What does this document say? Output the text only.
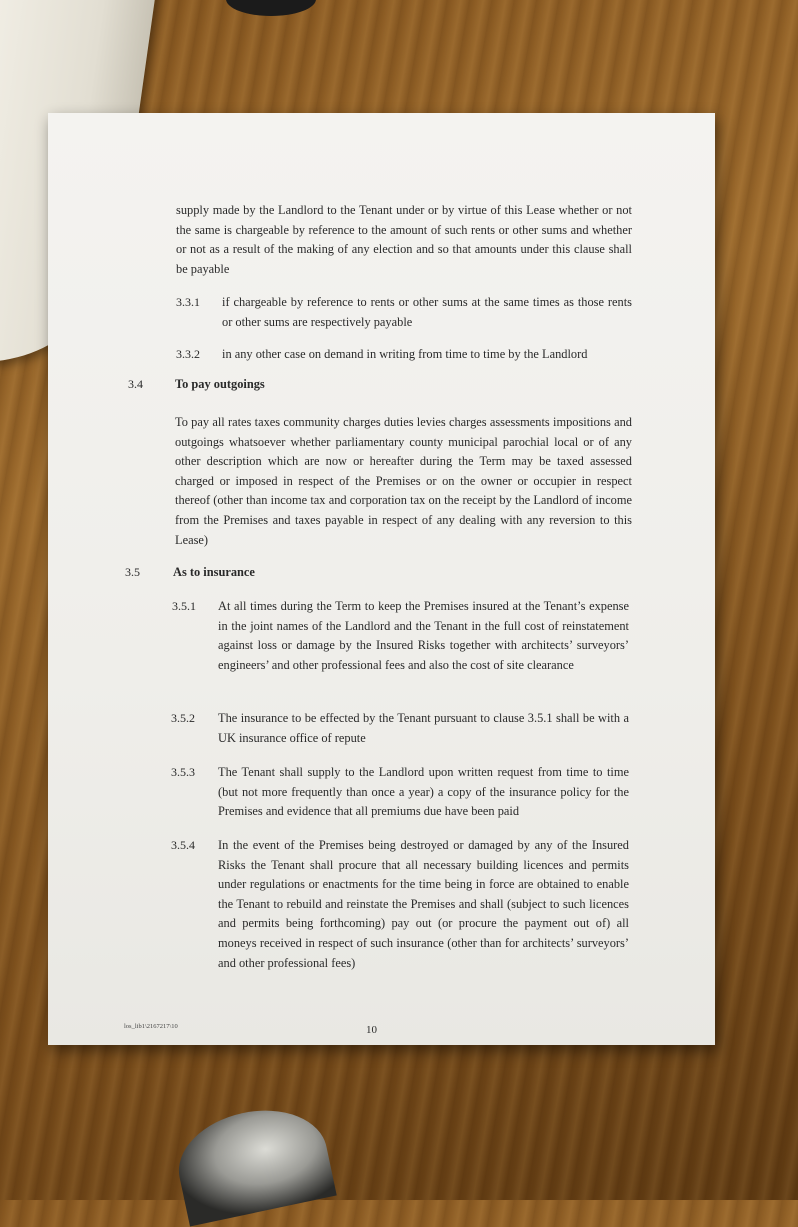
supply made by the Landlord to the Tenant under or by virtue of this Lease whether or not the same is chargeable by reference to the amount of such rents or other sums and whether or not as a result of the making of any election and so that amounts under this clause shall be payable
3.3.1 if chargeable by reference to rents or other sums at the same times as those rents or other sums are respectively payable
3.3.2 in any other case on demand in writing from time to time by the Landlord
3.4	To pay outgoings
To pay all rates taxes community charges duties levies charges assessments impositions and outgoings whatsoever whether parliamentary county municipal parochial local or of any other description which are now or hereafter during the Term may be taxed assessed charged or imposed in respect of the Premises or on the owner or occupier in respect thereof (other than income tax and corporation tax on the receipt by the Landlord of income from the Premises and taxes payable in respect of any dealing with any reversion to this Lease)
3.5	As to insurance
3.5.1 At all times during the Term to keep the Premises insured at the Tenant’s expense in the joint names of the Landlord and the Tenant in the full cost of reinstatement against loss or damage by the Insured Risks together with architects’ surveyors’ engineers’ and other professional fees and also the cost of site clearance
3.5.2 The insurance to be effected by the Tenant pursuant to clause 3.5.1 shall be with a UK insurance office of repute
3.5.3 The Tenant shall supply to the Landlord upon written request from time to time (but not more frequently than once a year) a copy of the insurance policy for the Premises and evidence that all premiums due have been paid
3.5.4 In the event of the Premises being destroyed or damaged by any of the Insured Risks the Tenant shall procure that all necessary building licences and permits under regulations or enactments for the time being in force are obtained to enable the Tenant to rebuild and reinstate the Premises and shall (subject to such licences and permits being forthcoming) pay out (or procure the payment out of) all moneys received in respect of such insurance (other than for architects’ surveyors’ and other professional fees)
los_lib1\2167217\10	10
